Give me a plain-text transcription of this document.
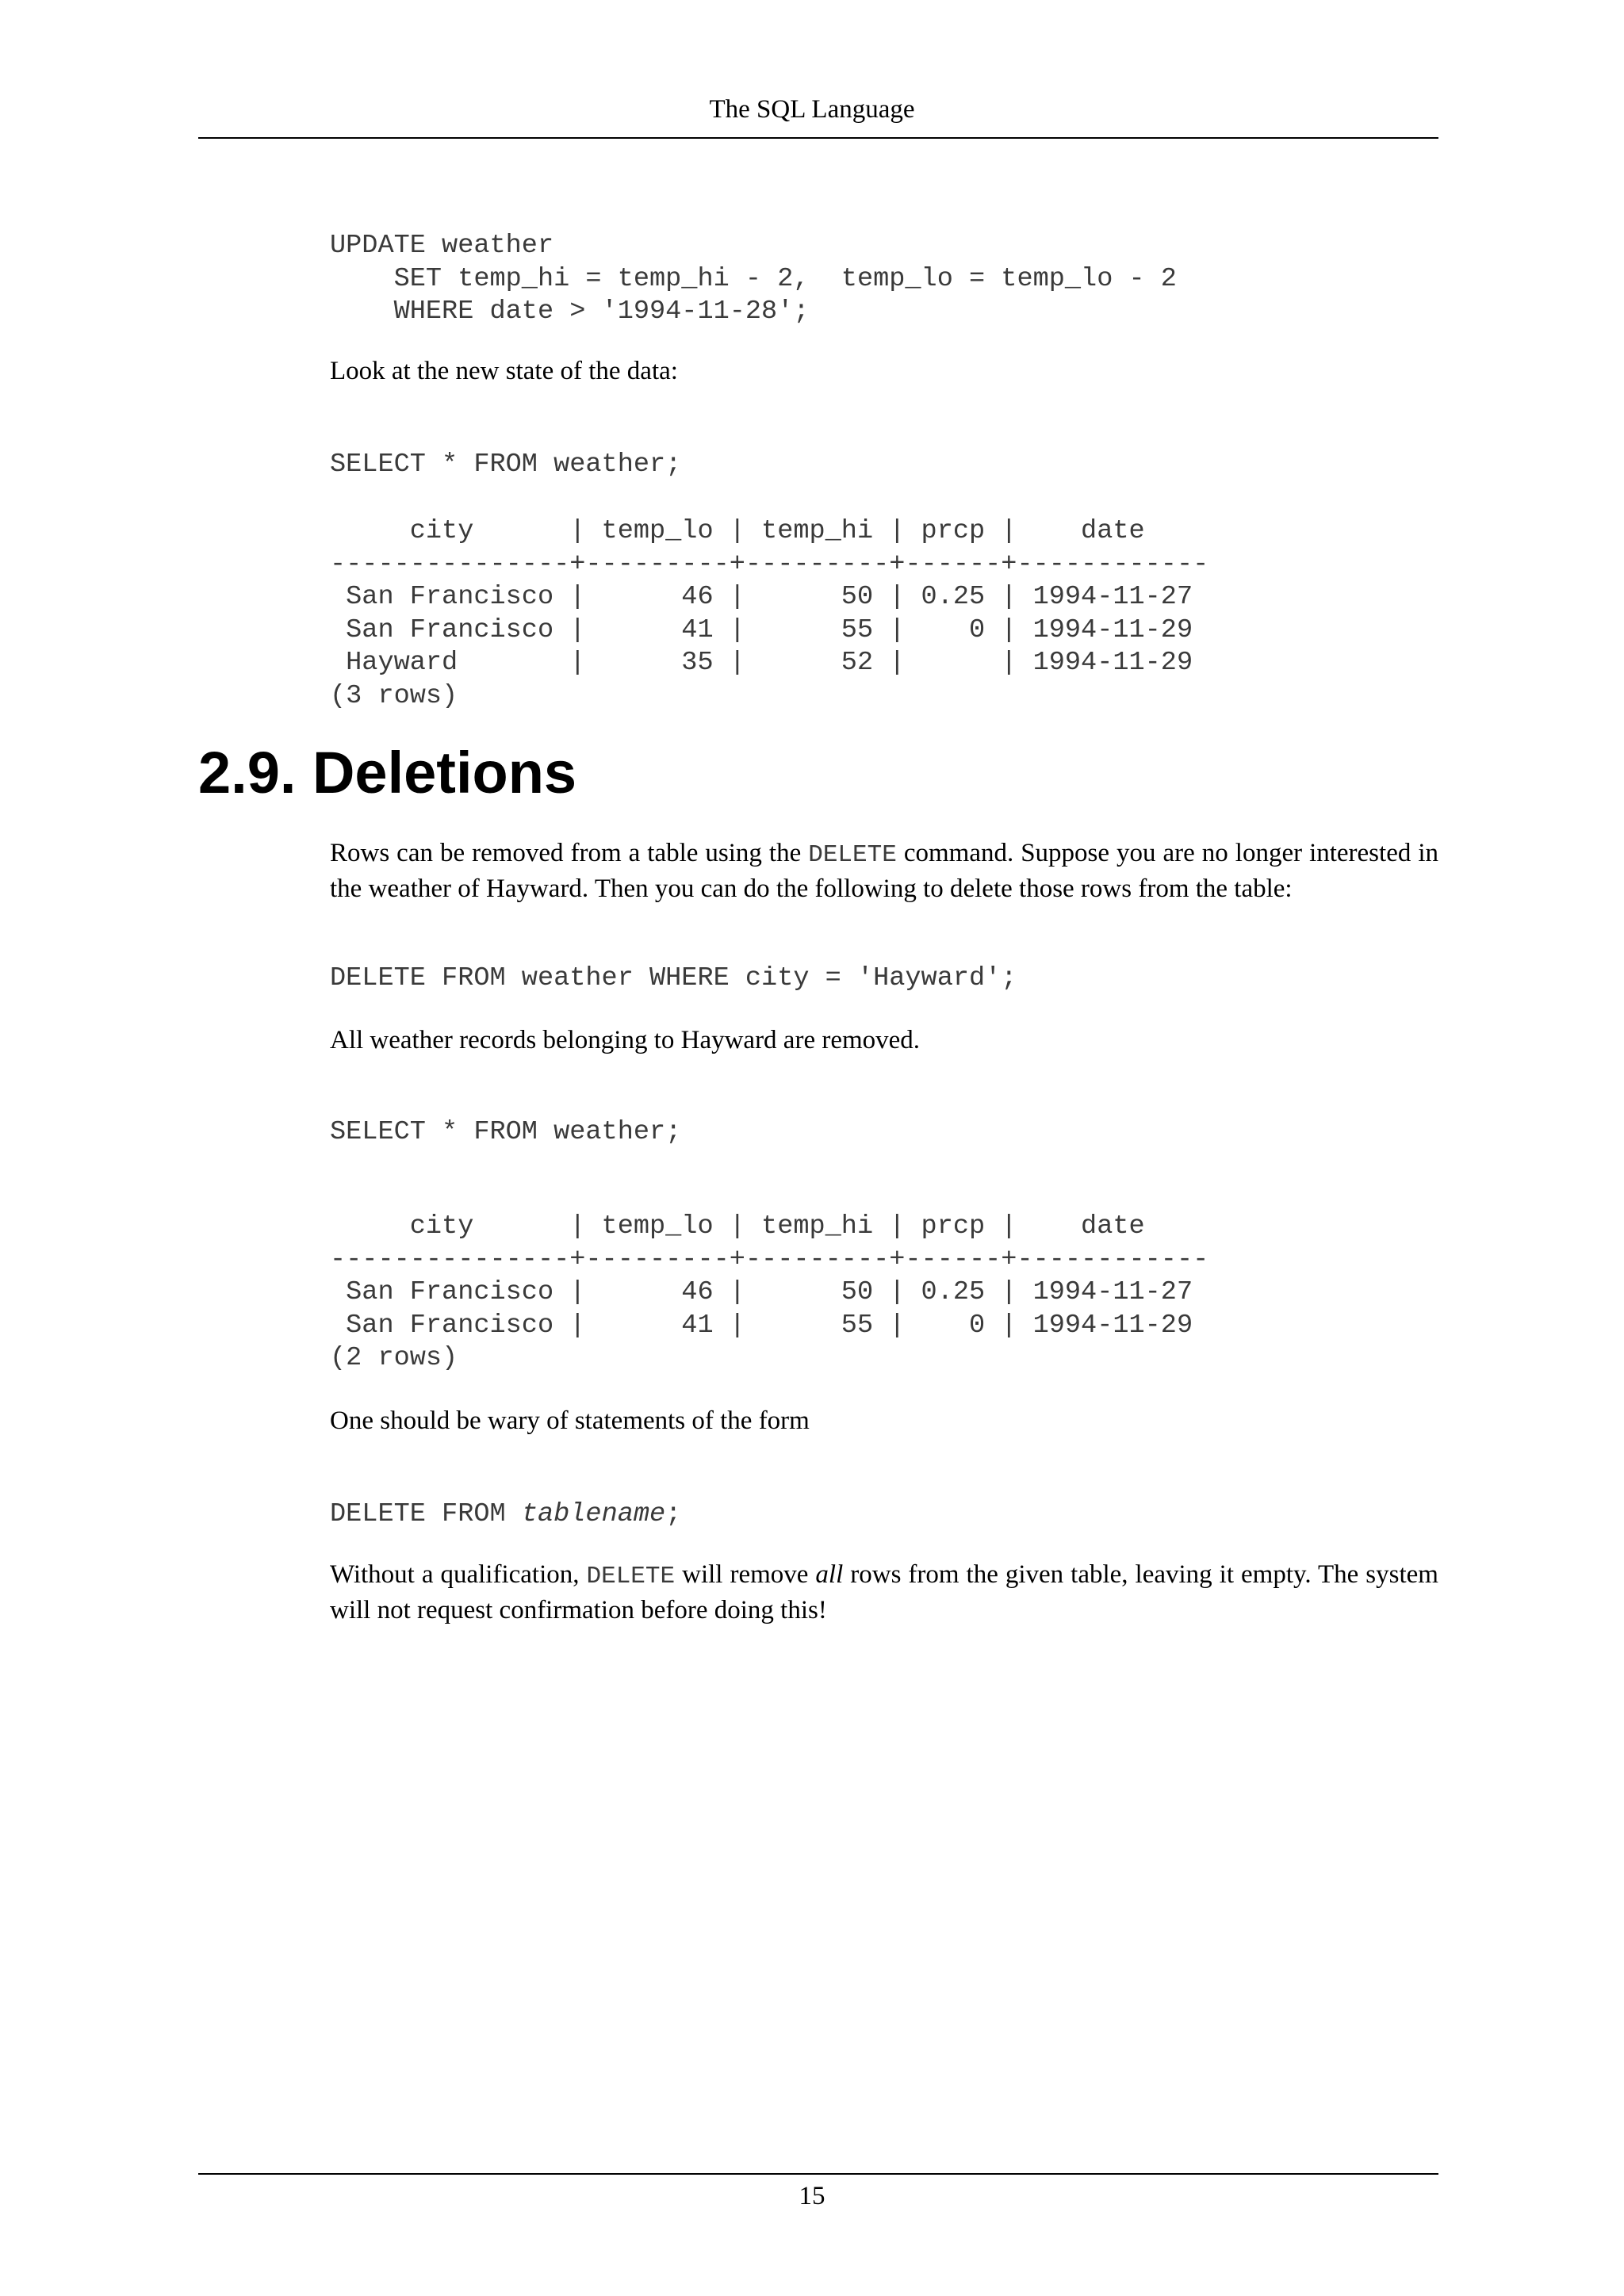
The SQL Language
UPDATE weather
SET temp_hi = temp_hi - 2,  temp_lo = temp_lo - 2
WHERE date > '1994-11-28';

Look at the new state of the data:

SELECT * FROM weather;
city      | temp_lo | temp_hi | prcp |    date
---------------+---------+---------+------+------------
San Francisco |      46 |      50 | 0.25 | 1994-11-27
San Francisco |      41 |      55 |    0 | 1994-11-29
Hayward       |      35 |      52 |      | 1994-11-29
(3 rows)
2.9. Deletions

Rows can be removed from a table using the DELETE command. Suppose you are no longer interested in the weather of Hayward. Then you can do the following to delete those rows from the table:

DELETE FROM weather WHERE city = 'Hayward';

All weather records belonging to Hayward are removed.

SELECT * FROM weather;
city      | temp_lo | temp_hi | prcp |    date
---------------+---------+---------+------+------------
San Francisco |      46 |      50 | 0.25 | 1994-11-27
San Francisco |      41 |      55 |    0 | 1994-11-29
(2 rows)

One should be wary of statements of the form

DELETE FROM tablename;

Without a qualification, DELETE will remove all rows from the given table, leaving it empty. The system will not request confirmation before doing this!

15
